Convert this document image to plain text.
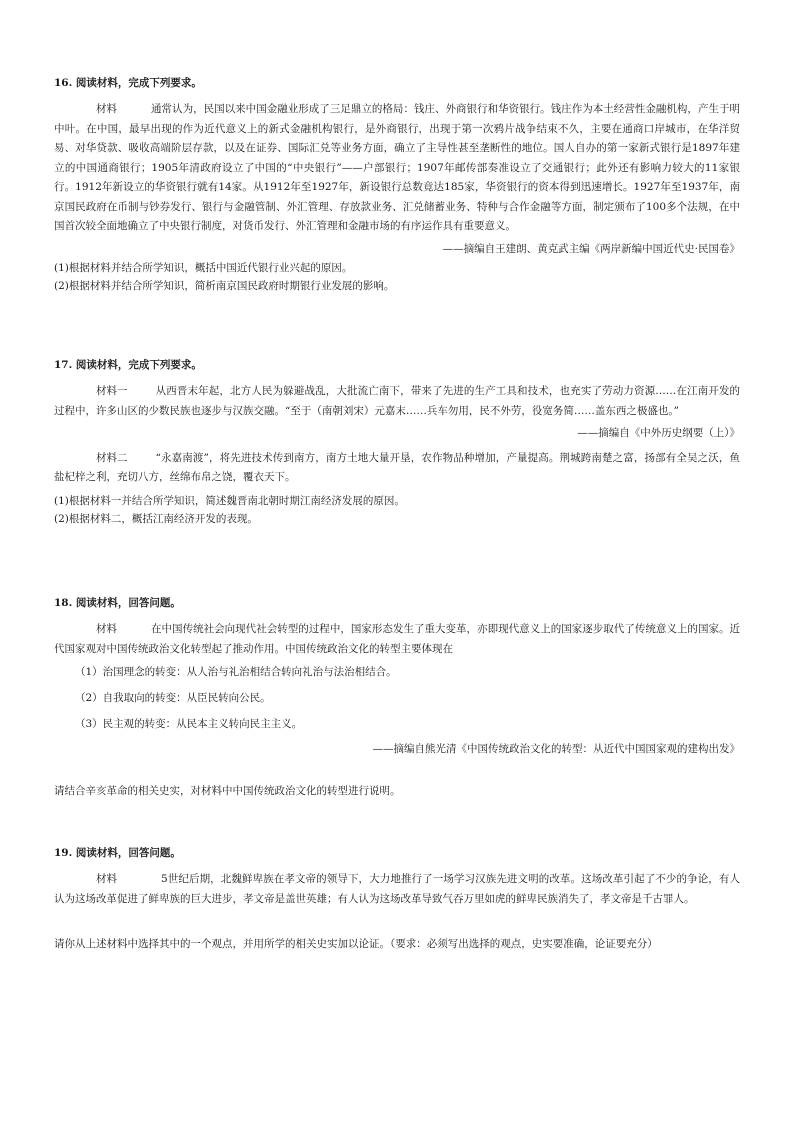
16. 阅读材料，完成下列要求。

材料	通常认为，民国以来中国金融业形成了三足鼎立的格局：钱庄、外商银行和华资银行。钱庄作为本土经营性金融机构，产生于明中叶。在中国，最早出现的作为近代意义上的新式金融机构银行，是外商银行，出现于第一次鸦片战争结束不久，主要在通商口岸城市，在华洋贸易、对华贷款、吸收高端阶层存款，以及在证券、国际汇兑等业务方面，确立了主导性甚至垄断性的地位。国人自办的第一家新式银行是1897年建立的中国通商银行；1905年清政府设立了中国的“中央银行”——户部银行；1907年邮传部奏准设立了交通银行；此外还有影响力较大的11家银行。1912年新设立的华资银行就有14家。从1912年至1927年，新设银行总数竟达185家，华资银行的资本得到迅速增长。1927年至1937年，南京国民政府在币制与钞券发行、银行与金融管制、外汇管理、存放款业务、汇兑储蓄业务、特种与合作金融等方面，制定颁布了100多个法规，在中国首次较全面地确立了中央银行制度，对货币发行、外汇管理和金融市场的有序运作具有重要意义。

——摘编自王建朗、黄克武主编《两岸新编中国近代史·民国卷》

(1)根据材料并结合所学知识，概括中国近代银行业兴起的原因。

(2)根据材料并结合所学知识，简析南京国民政府时期银行业发展的影响。

17. 阅读材料，完成下列要求。

材料一	从西晋末年起，北方人民为躲避战乱，大批流亡南下，带来了先进的生产工具和技术，也充实了劳动力资源……在江南开发的过程中，许多山区的少数民族也逐步与汉族交融。“至于（南朝刘宋）元嘉末……兵车勿用，民不外劳，役宽务简……盖东西之极盛也。”

——摘编自《中外历史纲要（上）》

材料二	“永嘉南渡”，将先进技术传到南方，南方土地大量开垦，农作物品种增加，产量提高。荆城跨南楚之富，扬部有全吴之沃，鱼盐杞梓之利，充切八方，丝绵布帛之饶，覆衣天下。

(1)根据材料一并结合所学知识，简述魏晋南北朝时期江南经济发展的原因。

(2)根据材料二，概括江南经济开发的表现。

18. 阅读材料，回答问题。

材料	在中国传统社会向现代社会转型的过程中，国家形态发生了重大变革，亦即现代意义上的国家逐步取代了传统意义上的国家。近代国家观对中国传统政治文化转型起了推动作用。中国传统政治文化的转型主要体现在

（1）治国理念的转变：从人治与礼治相结合转向礼治与法治相结合。

（2）自我取向的转变：从臣民转向公民。

（3）民主观的转变：从民本主义转向民主主义。

——摘编自熊光清《中国传统政治文化的转型：从近代中国国家观的建构出发》

请结合辛亥革命的相关史实，对材料中中国传统政治文化的转型进行说明。

19. 阅读材料，回答问题。

材料	5世纪后期，北魏鲜卑族在孝文帝的领导下，大力地推行了一场学习汉族先进文明的改革。这场改革引起了不少的争论，有人认为这场改革促进了鲜卑族的巨大进步，孝文帝是盖世英雄；有人认为这场改革导致气吞万里如虎的鲜卑民族消失了，孝文帝是千古罪人。

请你从上述材料中选择其中的一个观点，并用所学的相关史实加以论证。（要求：必须写出选择的观点，史实要准确，论证要充分）
